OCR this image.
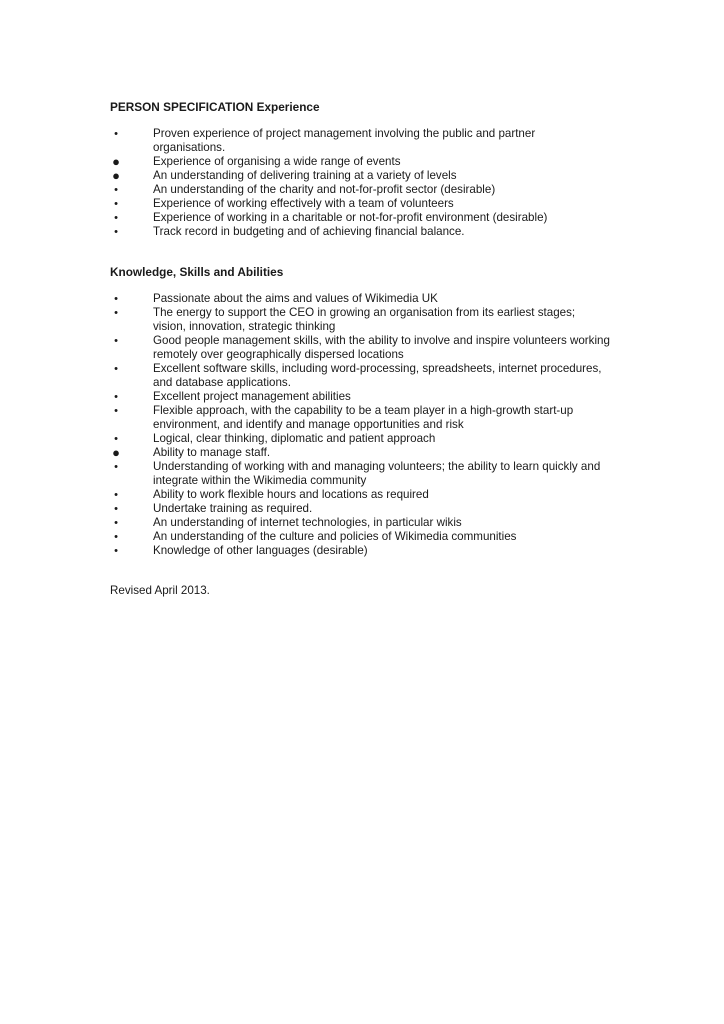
PERSON SPECIFICATION Experience
•	Proven experience of project management involving the public and partner organisations.
●	Experience of organising a wide range of events
●	An understanding of delivering training at a variety of levels
•	An understanding of the charity and not-for-profit sector (desirable)
•	Experience of working effectively with a team of volunteers
•	Experience of working in a charitable or not-for-profit environment (desirable)
•	Track record in budgeting and of achieving financial balance.
Knowledge, Skills and Abilities
•	Passionate about the aims and values of Wikimedia UK
•	The energy to support the CEO in growing an organisation from its earliest stages; vision, innovation, strategic thinking
•	Good people management skills, with the ability to involve and inspire volunteers working remotely over geographically dispersed locations
•	Excellent software skills, including word-processing, spreadsheets, internet procedures, and database applications.
•	Excellent project management abilities
•	Flexible approach, with the capability to be a team player in a high-growth start-up environment, and identify and manage opportunities and risk
•	Logical, clear thinking, diplomatic and patient approach
●	Ability to manage staff.
•	Understanding of working with and managing volunteers; the ability to learn quickly and integrate within the Wikimedia community
•	Ability to work flexible hours and locations as required
•	Undertake training as required.
•	An understanding of internet technologies, in particular wikis
•	An understanding of the culture and policies of Wikimedia communities
•	Knowledge of other languages (desirable)

Revised April 2013.
